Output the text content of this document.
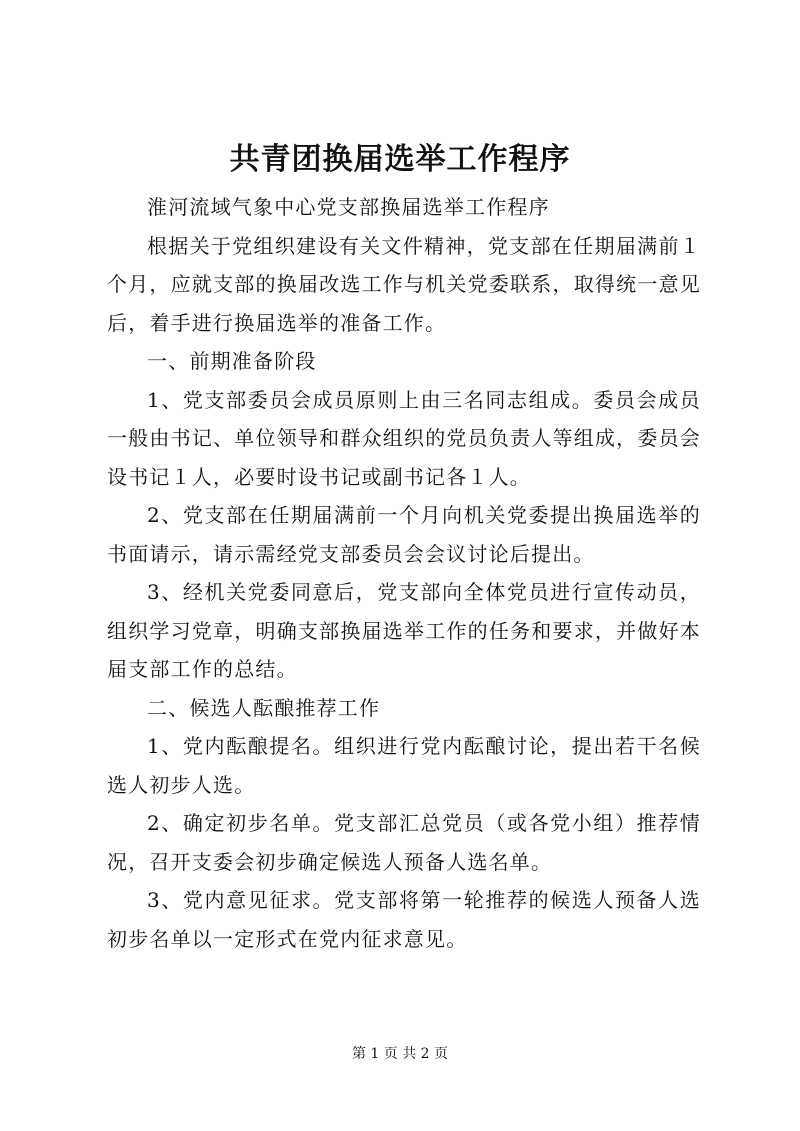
共青团换届选举工作程序

淮河流域气象中心党支部换届选举工作程序

根据关于党组织建设有关文件精神，党支部在任期届满前１个月，应就支部的换届改选工作与机关党委联系，取得统一意见后，着手进行换届选举的准备工作。

一、前期准备阶段

1、党支部委员会成员原则上由三名同志组成。委员会成员一般由书记、单位领导和群众组织的党员负责人等组成，委员会设书记１人，必要时设书记或副书记各１人。

2、党支部在任期届满前一个月向机关党委提出换届选举的书面请示，请示需经党支部委员会会议讨论后提出。

3、经机关党委同意后，党支部向全体党员进行宣传动员，组织学习党章，明确支部换届选举工作的任务和要求，并做好本届支部工作的总结。

二、候选人酝酿推荐工作

1、党内酝酿提名。组织进行党内酝酿讨论，提出若干名候选人初步人选。

2、确定初步名单。党支部汇总党员（或各党小组）推荐情况，召开支委会初步确定候选人预备人选名单。

3、党内意见征求。党支部将第一轮推荐的候选人预备人选初步名单以一定形式在党内征求意见。

第 1 页 共 2 页
